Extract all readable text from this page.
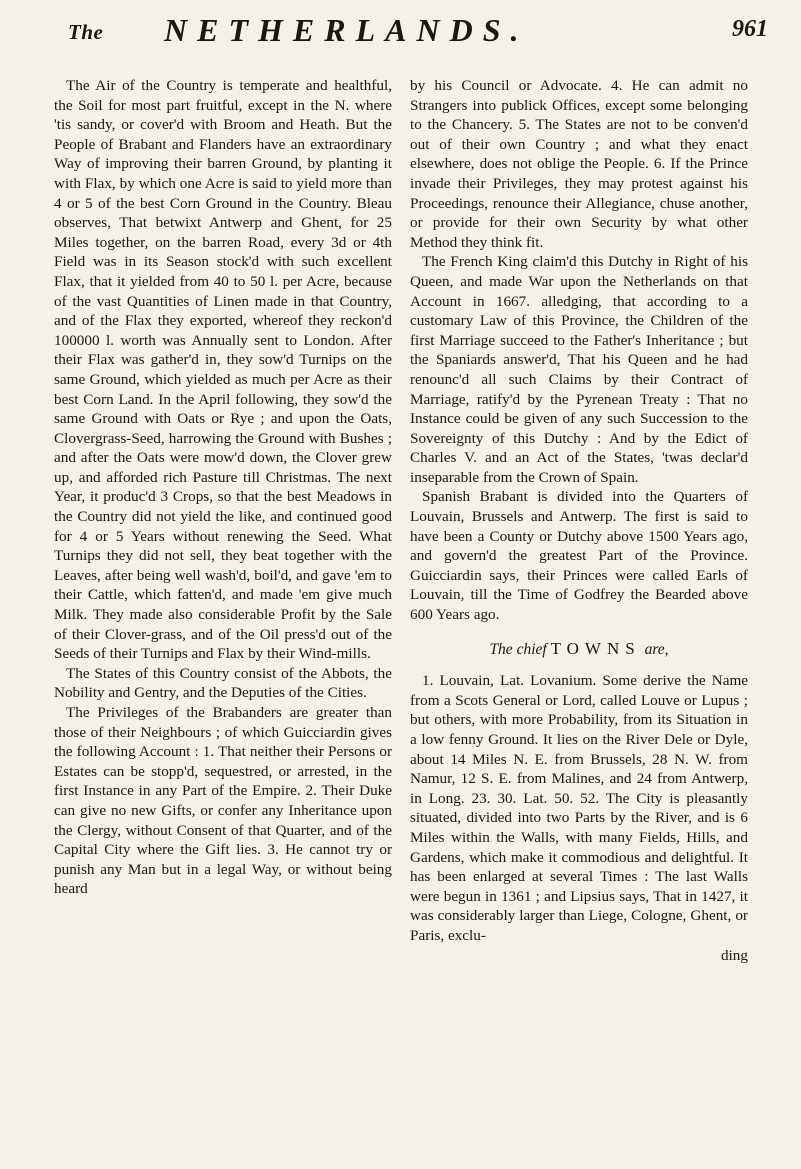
The NETHERLANDS.	961

The Air of the Country is temperate and healthful, the Soil for most part fruitful, except in the N. where 'tis sandy, or cover'd with Broom and Heath. But the People of Brabant and Flanders have an extraordinary Way of improving their barren Ground, by planting it with Flax, by which one Acre is said to yield more than 4 or 5 of the best Corn Ground in the Country. Bleau observes, That betwixt Antwerp and Ghent, for 25 Miles together, on the barren Road, every 3d or 4th Field was in its Season stock'd with such excellent Flax, that it yielded from 40 to 50 l. per Acre, because of the vast Quantities of Linen made in that Country, and of the Flax they exported, whereof they reckon'd 100000 l. worth was Annually sent to London. After their Flax was gather'd in, they sow'd Turnips on the same Ground, which yielded as much per Acre as their best Corn Land. In the April following, they sow'd the same Ground with Oats or Rye ; and upon the Oats, Clovergrass-Seed, harrowing the Ground with Bushes ; and after the Oats were mow'd down, the Clover grew up, and afforded rich Pasture till Christmas. The next Year, it produc'd 3 Crops, so that the best Meadows in the Country did not yield the like, and continued good for 4 or 5 Years without renewing the Seed. What Turnips they did not sell, they beat together with the Leaves, after being well wash'd, boil'd, and gave 'em to their Cattle, which fatten'd, and made 'em give much Milk. They made also considerable Profit by the Sale of their Clover-grass, and of the Oil press'd out of the Seeds of their Turnips and Flax by their Wind-mills.

The States of this Country consist of the Abbots, the Nobility and Gentry, and the Deputies of the Cities.

The Privileges of the Brabanders are greater than those of their Neighbours ; of which Guicciardin gives the following Account : 1. That neither their Persons or Estates can be stopp'd, sequestred, or arrested, in the first Instance in any Part of the Empire. 2. Their Duke can give no new Gifts, or confer any Inheritance upon the Clergy, without Consent of that Quarter, and of the Capital City where the Gift lies. 3. He cannot try or punish any Man but in a legal Way, or without being heard

by his Council or Advocate. 4. He can admit no Strangers into publick Offices, except some belonging to the Chancery. 5. The States are not to be conven'd out of their own Country ; and what they enact elsewhere, does not oblige the People. 6. If the Prince invade their Privileges, they may protest against his Proceedings, renounce their Allegiance, chuse another, or provide for their own Security by what other Method they think fit.

The French King claim'd this Dutchy in Right of his Queen, and made War upon the Netherlands on that Account in 1667. alledging, that according to a customary Law of this Province, the Children of the first Marriage succeed to the Father's Inheritance ; but the Spaniards answer'd, That his Queen and he had renounc'd all such Claims by their Contract of Marriage, ratify'd by the Pyrenean Treaty : That no Instance could be given of any such Succession to the Sovereignty of this Dutchy : And by the Edict of Charles V. and an Act of the States, 'twas declar'd inseparable from the Crown of Spain.

Spanish Brabant is divided into the Quarters of Louvain, Brussels and Antwerp. The first is said to have been a County or Dutchy above 1500 Years ago, and govern'd the greatest Part of the Province. Guicciardin says, their Princes were called Earls of Louvain, till the Time of Godfrey the Bearded above 600 Years ago.

The chief TOWNS are,

1. Louvain, Lat. Lovanium. Some derive the Name from a Scots General or Lord, called Louve or Lupus ; but others, with more Probability, from its Situation in a low fenny Ground. It lies on the River Dele or Dyle, about 14 Miles N. E. from Brussels, 28 N. W. from Namur, 12 S. E. from Malines, and 24 from Antwerp, in Long. 23. 30. Lat. 50. 52. The City is pleasantly situated, divided into two Parts by the River, and is 6 Miles within the Walls, with many Fields, Hills, and Gardens, which make it commodious and delightful. It has been enlarged at several Times : The last Walls were begun in 1361 ; and Lipsius says, That in 1427, it was considerably larger than Liege, Cologne, Ghent, or Paris, exclu-

ding
